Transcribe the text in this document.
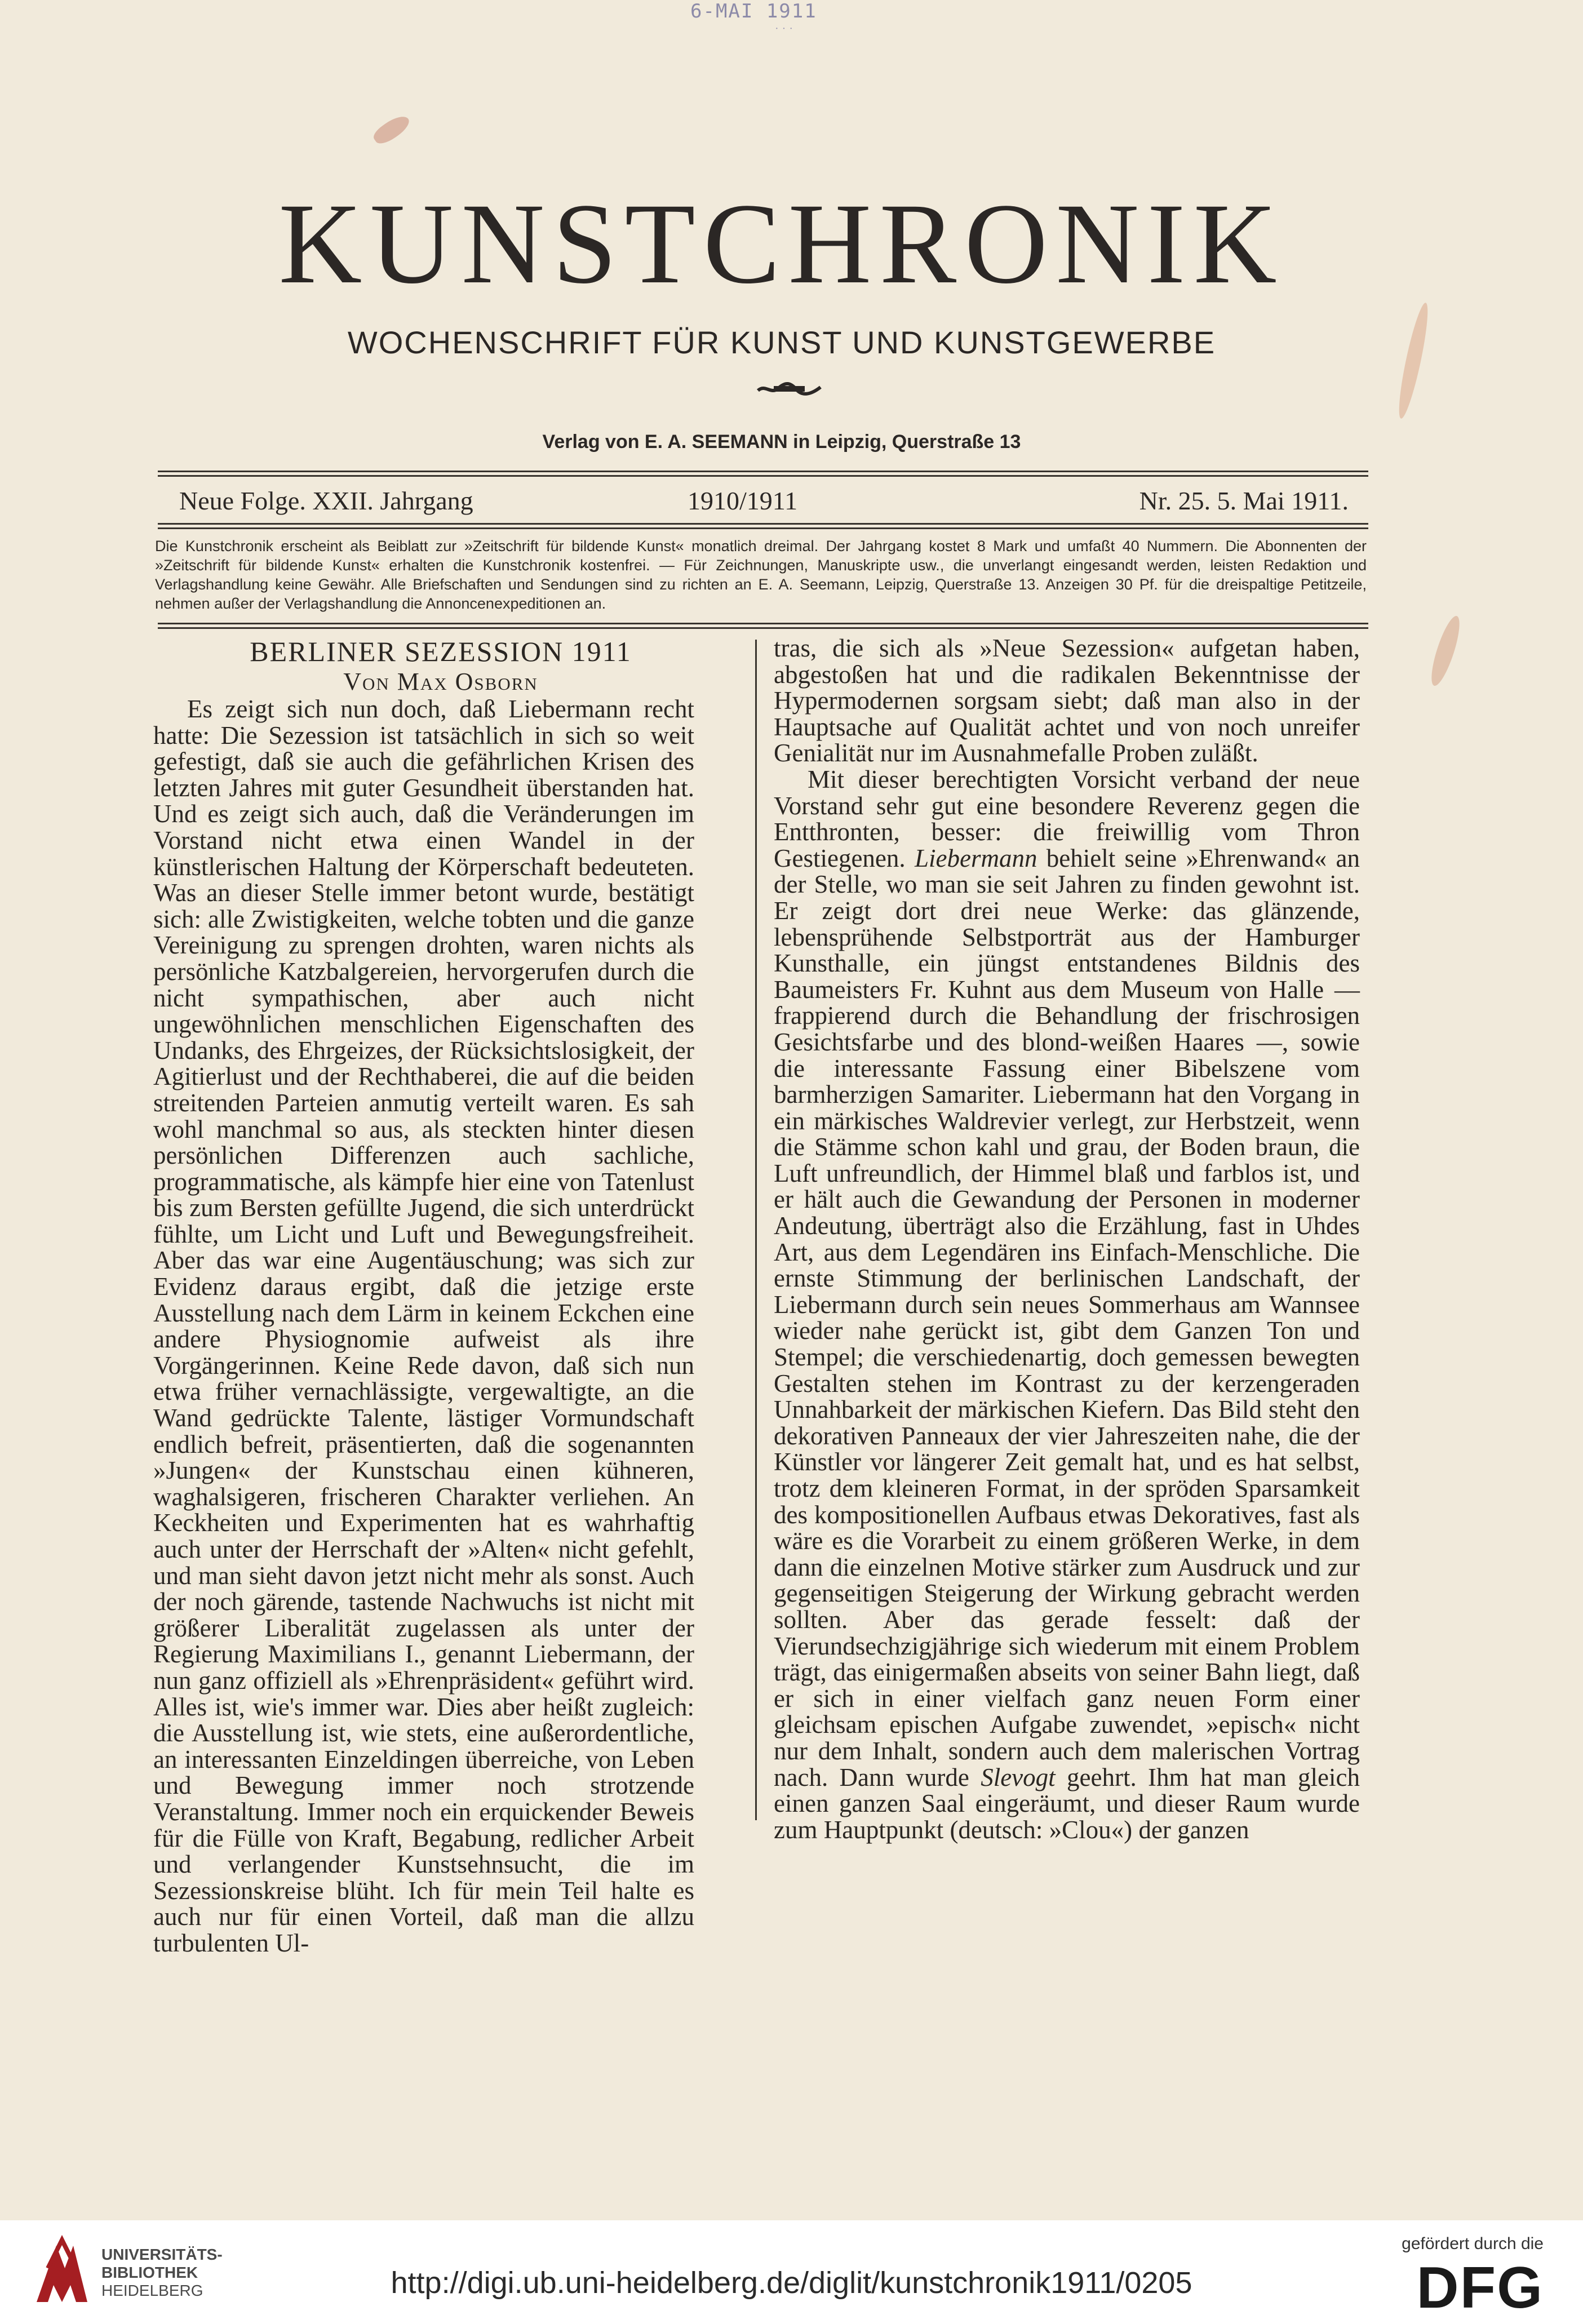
6-MAI 1911
···
KUNSTCHRONIK
WOCHENSCHRIFT FÜR KUNST UND KUNSTGEWERBE
Verlag von E. A. SEEMANN in Leipzig, Querstraße 13
Neue Folge. XXII. Jahrgang	1910/1911	Nr. 25. 5. Mai 1911.

Die Kunstchronik erscheint als Beiblatt zur »Zeitschrift für bildende Kunst« monatlich dreimal. Der Jahrgang kostet 8 Mark und umfaßt 40 Nummern. Die Abonnenten der »Zeitschrift für bildende Kunst« erhalten die Kunstchronik kostenfrei. — Für Zeichnungen, Manuskripte usw., die unverlangt eingesandt werden, leisten Redaktion und Verlagshandlung keine Gewähr. Alle Briefschaften und Sendungen sind zu richten an E. A. Seemann, Leipzig, Querstraße 13. Anzeigen 30 Pf. für die dreispaltige Petitzeile, nehmen außer der Verlagshandlung die Annoncenexpeditionen an.

BERLINER SEZESSION 1911

Von Max Osborn

Es zeigt sich nun doch, daß Liebermann recht hatte: Die Sezession ist tatsächlich in sich so weit gefestigt, daß sie auch die gefährlichen Krisen des letzten Jahres mit guter Gesundheit überstanden hat. Und es zeigt sich auch, daß die Veränderungen im Vorstand nicht etwa einen Wandel in der künstlerischen Haltung der Körperschaft bedeuteten. Was an dieser Stelle immer betont wurde, bestätigt sich: alle Zwistigkeiten, welche tobten und die ganze Vereinigung zu sprengen drohten, waren nichts als persönliche Katzbalgereien, hervorgerufen durch die nicht sympathischen, aber auch nicht ungewöhnlichen menschlichen Eigenschaften des Undanks, des Ehrgeizes, der Rücksichtslosigkeit, der Agitierlust und der Rechthaberei, die auf die beiden streitenden Parteien anmutig verteilt waren. Es sah wohl manchmal so aus, als steckten hinter diesen persönlichen Differenzen auch sachliche, programmatische, als kämpfe hier eine von Tatenlust bis zum Bersten gefüllte Jugend, die sich unterdrückt fühlte, um Licht und Luft und Bewegungsfreiheit. Aber das war eine Augentäuschung; was sich zur Evidenz daraus ergibt, daß die jetzige erste Ausstellung nach dem Lärm in keinem Eckchen eine andere Physiognomie aufweist als ihre Vorgängerinnen. Keine Rede davon, daß sich nun etwa früher vernachlässigte, vergewaltigte, an die Wand gedrückte Talente, lästiger Vormundschaft endlich befreit, präsentierten, daß die sogenannten »Jungen« der Kunstschau einen kühneren, waghalsigeren, frischeren Charakter verliehen. An Keckheiten und Experimenten hat es wahrhaftig auch unter der Herrschaft der »Alten« nicht gefehlt, und man sieht davon jetzt nicht mehr als sonst. Auch der noch gärende, tastende Nachwuchs ist nicht mit größerer Liberalität zugelassen als unter der Regierung Maximilians I., genannt Liebermann, der nun ganz offiziell als »Ehrenpräsident« geführt wird. Alles ist, wie's immer war. Dies aber heißt zugleich: die Ausstellung ist, wie stets, eine außerordentliche, an interessanten Einzeldingen überreiche, von Leben und Bewegung immer noch strotzende Veranstaltung. Immer noch ein erquickender Beweis für die Fülle von Kraft, Begabung, redlicher Arbeit und verlangender Kunstsehnsucht, die im Sezessionskreise blüht. Ich für mein Teil halte es auch nur für einen Vorteil, daß man die allzu turbulenten Ul-

tras, die sich als »Neue Sezession« aufgetan haben, abgestoßen hat und die radikalen Bekenntnisse der Hypermodernen sorgsam siebt; daß man also in der Hauptsache auf Qualität achtet und von noch unreifer Genialität nur im Ausnahmefalle Proben zuläßt.

Mit dieser berechtigten Vorsicht verband der neue Vorstand sehr gut eine besondere Reverenz gegen die Entthronten, besser: die freiwillig vom Thron Gestiegenen. Liebermann behielt seine »Ehrenwand« an der Stelle, wo man sie seit Jahren zu finden gewohnt ist. Er zeigt dort drei neue Werke: das glänzende, lebensprühende Selbstporträt aus der Hamburger Kunsthalle, ein jüngst entstandenes Bildnis des Baumeisters Fr. Kuhnt aus dem Museum von Halle — frappierend durch die Behandlung der frischrosigen Gesichtsfarbe und des blond-weißen Haares —, sowie die interessante Fassung einer Bibelszene vom barmherzigen Samariter. Liebermann hat den Vorgang in ein märkisches Waldrevier verlegt, zur Herbstzeit, wenn die Stämme schon kahl und grau, der Boden braun, die Luft unfreundlich, der Himmel blaß und farblos ist, und er hält auch die Gewandung der Personen in moderner Andeutung, überträgt also die Erzählung, fast in Uhdes Art, aus dem Legendären ins Einfach-Menschliche. Die ernste Stimmung der berlinischen Landschaft, der Liebermann durch sein neues Sommerhaus am Wannsee wieder nahe gerückt ist, gibt dem Ganzen Ton und Stempel; die verschiedenartig, doch gemessen bewegten Gestalten stehen im Kontrast zu der kerzengeraden Unnahbarkeit der märkischen Kiefern. Das Bild steht den dekorativen Panneaux der vier Jahreszeiten nahe, die der Künstler vor längerer Zeit gemalt hat, und es hat selbst, trotz dem kleineren Format, in der spröden Sparsamkeit des kompositionellen Aufbaus etwas Dekoratives, fast als wäre es die Vorarbeit zu einem größeren Werke, in dem dann die einzelnen Motive stärker zum Ausdruck und zur gegenseitigen Steigerung der Wirkung gebracht werden sollten. Aber das gerade fesselt: daß der Vierundsechzigjährige sich wiederum mit einem Problem trägt, das einigermaßen abseits von seiner Bahn liegt, daß er sich in einer vielfach ganz neuen Form einer gleichsam epischen Aufgabe zuwendet, »episch« nicht nur dem Inhalt, sondern auch dem malerischen Vortrag nach. Dann wurde Slevogt geehrt. Ihm hat man gleich einen ganzen Saal eingeräumt, und dieser Raum wurde zum Hauptpunkt (deutsch: »Clou«) der ganzen

UNIVERSITÄTS-
BIBLIOTHEK
HEIDELBERG	http://digi.ub.uni-heidelberg.de/diglit/kunstchronik1911/0205
gefördert durch die
DFG
